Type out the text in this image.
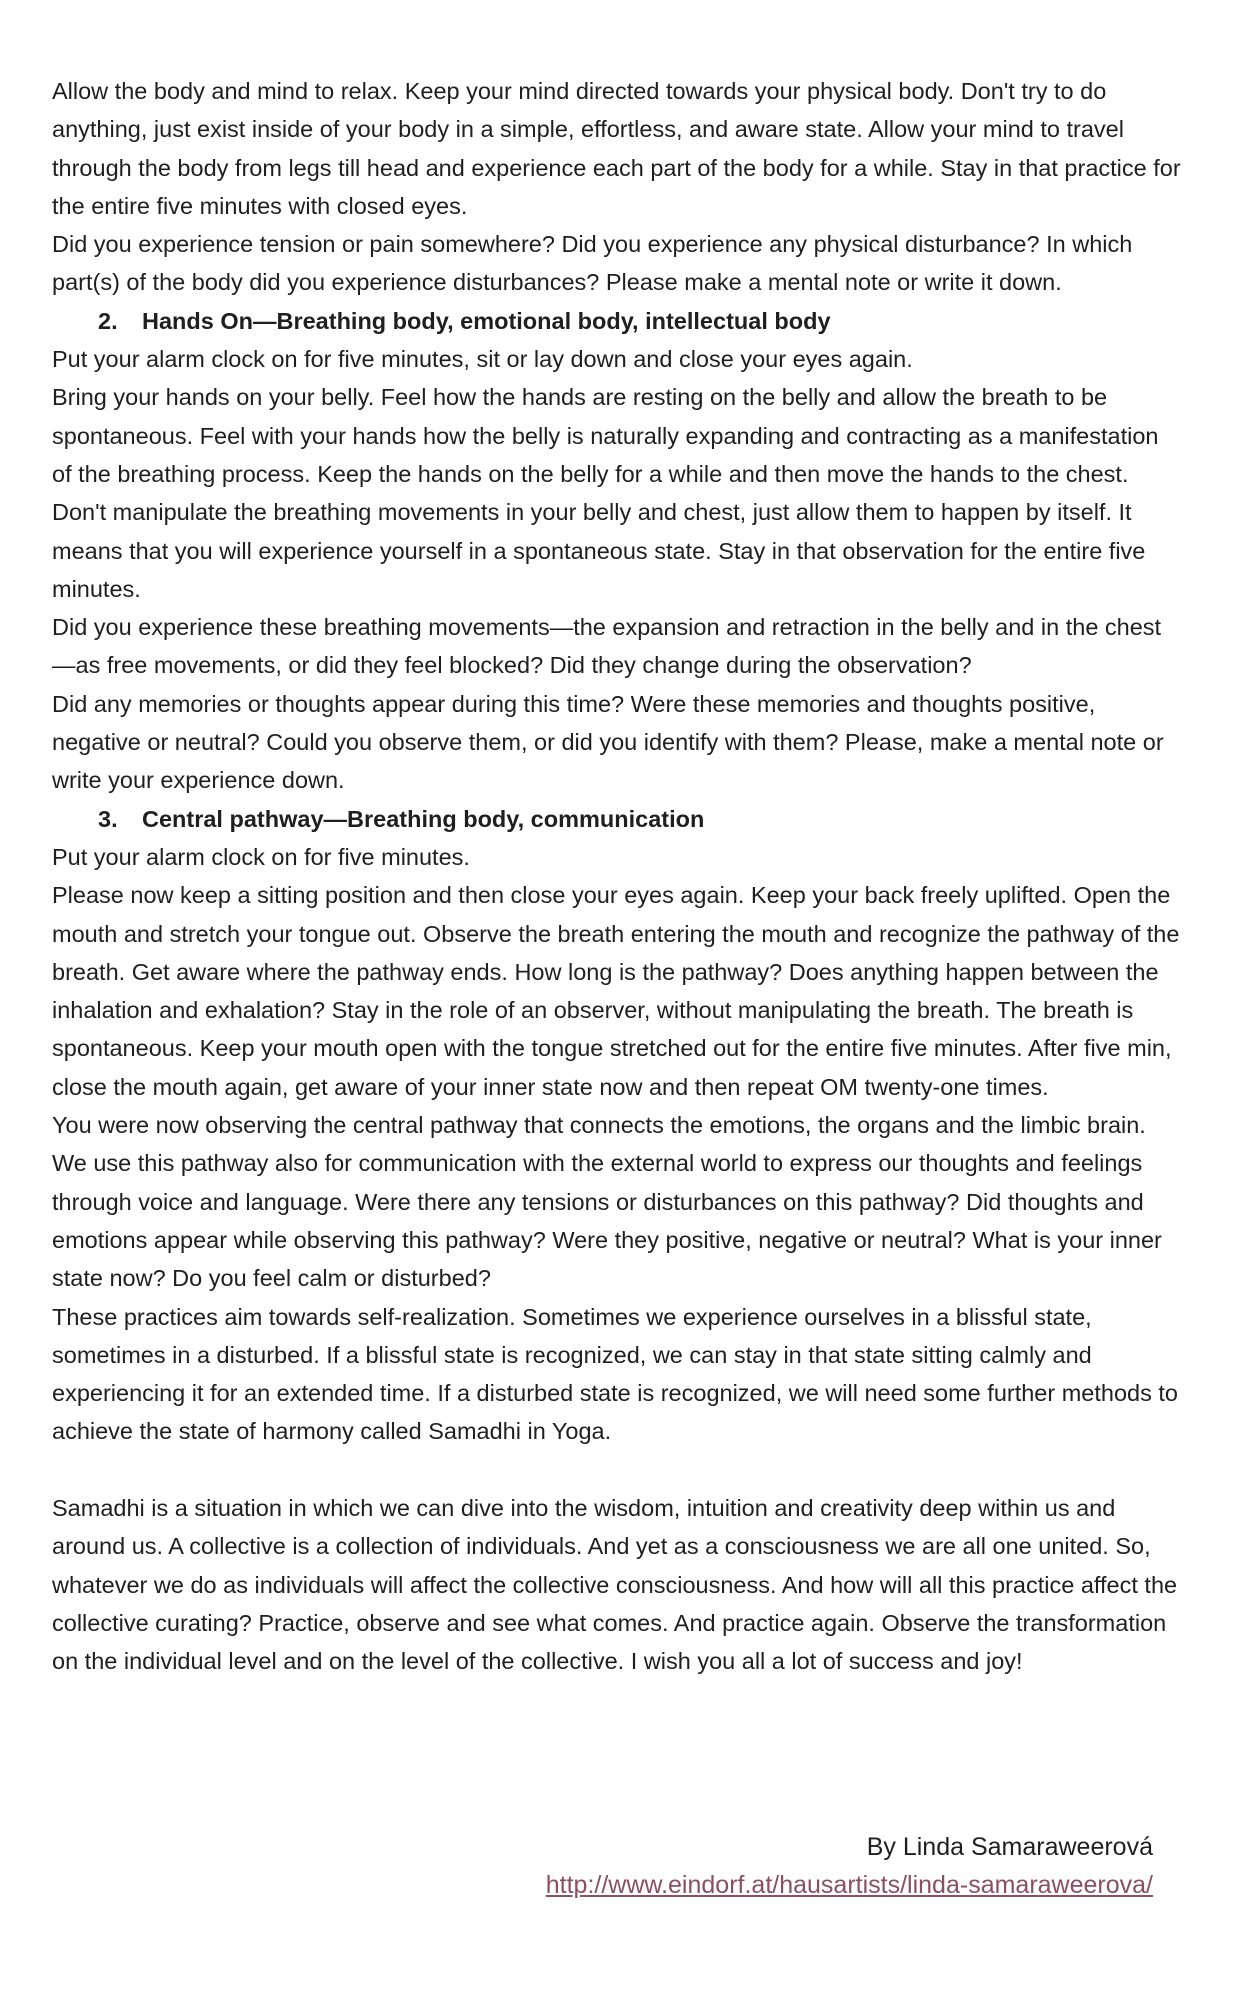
Allow the body and mind to relax. Keep your mind directed towards your physical body. Don't try to do anything, just exist inside of your body in a simple, effortless, and aware state. Allow your mind to travel through the body from legs till head and experience each part of the body for a while. Stay in that practice for the entire five minutes with closed eyes.

Did you experience tension or pain somewhere? Did you experience any physical disturbance? In which part(s) of the body did you experience disturbances? Please make a mental note or write it down.

2. Hands On—Breathing body, emotional body, intellectual body

Put your alarm clock on for five minutes, sit or lay down and close your eyes again.

Bring your hands on your belly. Feel how the hands are resting on the belly and allow the breath to be spontaneous. Feel with your hands how the belly is naturally expanding and contracting as a manifestation of the breathing process. Keep the hands on the belly for a while and then move the hands to the chest. Don't manipulate the breathing movements in your belly and chest, just allow them to happen by itself. It means that you will experience yourself in a spontaneous state. Stay in that observation for the entire five minutes.

Did you experience these breathing movements—the expansion and retraction in the belly and in the chest—as free movements, or did they feel blocked? Did they change during the observation?

Did any memories or thoughts appear during this time? Were these memories and thoughts positive, negative or neutral? Could you observe them, or did you identify with them? Please, make a mental note or write your experience down.

3. Central pathway—Breathing body, communication

Put your alarm clock on for five minutes.

Please now keep a sitting position and then close your eyes again. Keep your back freely uplifted. Open the mouth and stretch your tongue out. Observe the breath entering the mouth and recognize the pathway of the breath. Get aware where the pathway ends. How long is the pathway? Does anything happen between the inhalation and exhalation? Stay in the role of an observer, without manipulating the breath. The breath is spontaneous. Keep your mouth open with the tongue stretched out for the entire five minutes. After five min, close the mouth again, get aware of your inner state now and then repeat OM twenty-one times.

You were now observing the central pathway that connects the emotions, the organs and the limbic brain. We use this pathway also for communication with the external world to express our thoughts and feelings through voice and language. Were there any tensions or disturbances on this pathway? Did thoughts and emotions appear while observing this pathway? Were they positive, negative or neutral? What is your inner state now? Do you feel calm or disturbed?

These practices aim towards self-realization. Sometimes we experience ourselves in a blissful state, sometimes in a disturbed. If a blissful state is recognized, we can stay in that state sitting calmly and experiencing it for an extended time. If a disturbed state is recognized, we will need some further methods to achieve the state of harmony called Samadhi in Yoga.

Samadhi is a situation in which we can dive into the wisdom, intuition and creativity deep within us and around us. A collective is a collection of individuals. And yet as a consciousness we are all one united. So, whatever we do as individuals will affect the collective consciousness. And how will all this practice affect the collective curating? Practice, observe and see what comes. And practice again. Observe the transformation on the individual level and on the level of the collective. I wish you all a lot of success and joy!

By Linda Samaraweerová
http://www.eindorf.at/hausartists/linda-samaraweerova/
